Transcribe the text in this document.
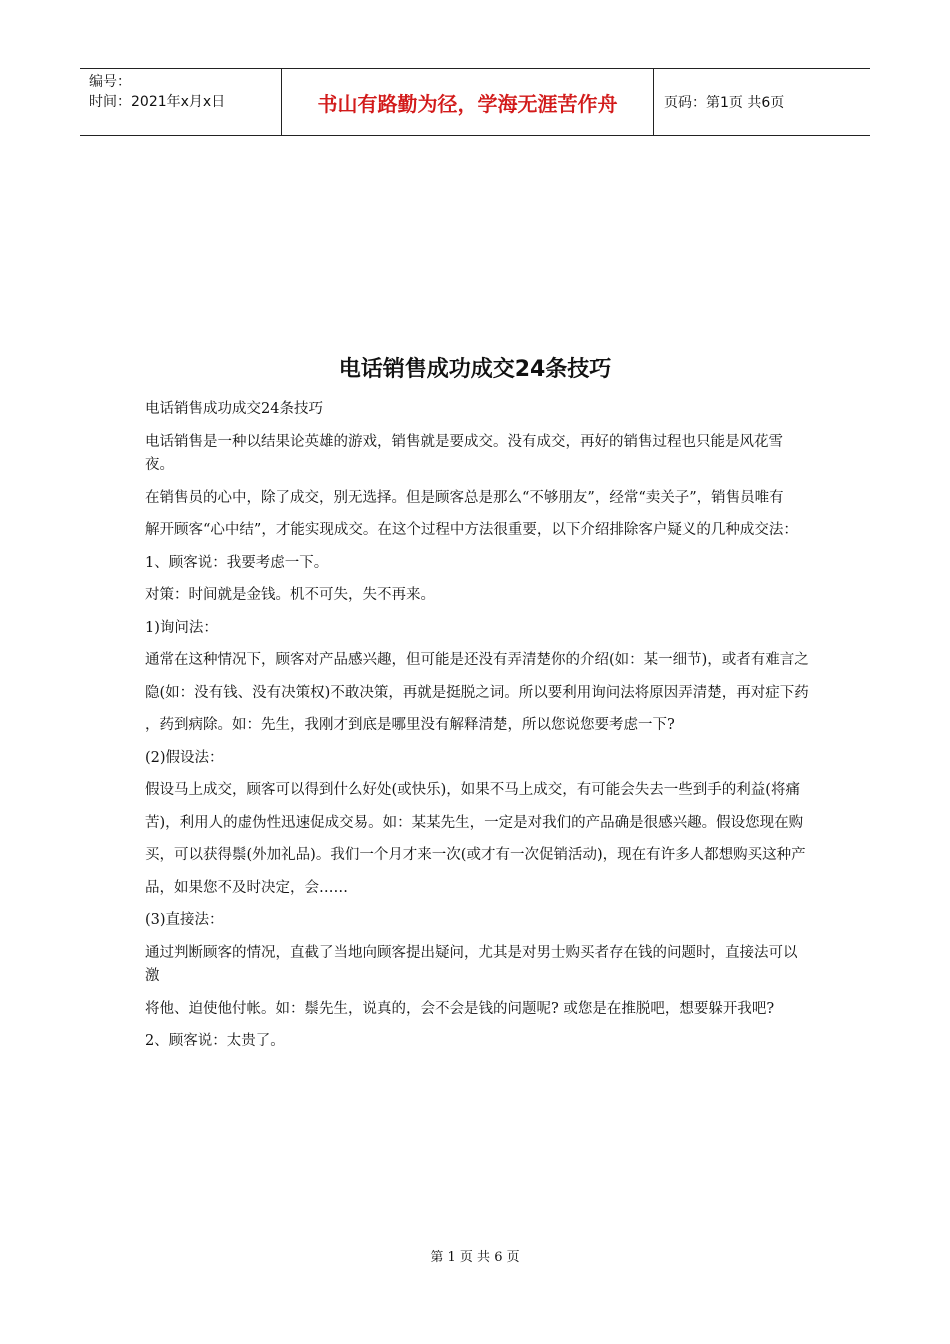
编号：
时间：2021年x月x日	书山有路勤为径，学海无涯苦作舟	页码：第1页 共6页
电话销售成功成交24条技巧

电话销售成功成交24条技巧

电话销售是一种以结果论英雄的游戏，销售就是要成交。没有成交，再好的销售过程也只能是风花雪夜。

在销售员的心中，除了成交，别无选择。但是顾客总是那么“不够朋友”，经常“卖关子”，销售员唯有

解开顾客“心中结”，才能实现成交。在这个过程中方法很重要，以下介绍排除客户疑义的几种成交法：

1、顾客说：我要考虑一下。

对策：时间就是金钱。机不可失，失不再来。

1)询问法：

通常在这种情况下，顾客对产品感兴趣，但可能是还没有弄清楚你的介绍(如：某一细节)，或者有难言之

隐(如：没有钱、没有决策权)不敢决策，再就是挺脱之词。所以要利用询问法将原因弄清楚，再对症下药

，药到病除。如：先生，我刚才到底是哪里没有解释清楚，所以您说您要考虑一下?

(2)假设法：

假设马上成交，顾客可以得到什么好处(或快乐)，如果不马上成交，有可能会失去一些到手的利益(将痛

苦)，利用人的虚伪性迅速促成交易。如：某某先生，一定是对我们的产品确是很感兴趣。假设您现在购

买，可以获得鬃(外加礼品)。我们一个月才来一次(或才有一次促销活动)，现在有许多人都想购买这种产

品，如果您不及时决定，会……

(3)直接法：

通过判断顾客的情况，直截了当地向顾客提出疑问，尤其是对男士购买者存在钱的问题时，直接法可以激

将他、迫使他付帐。如：鬃先生，说真的，会不会是钱的问题呢? 或您是在推脱吧，想要躲开我吧?

2、顾客说：太贵了。

第 1 页 共 6 页
